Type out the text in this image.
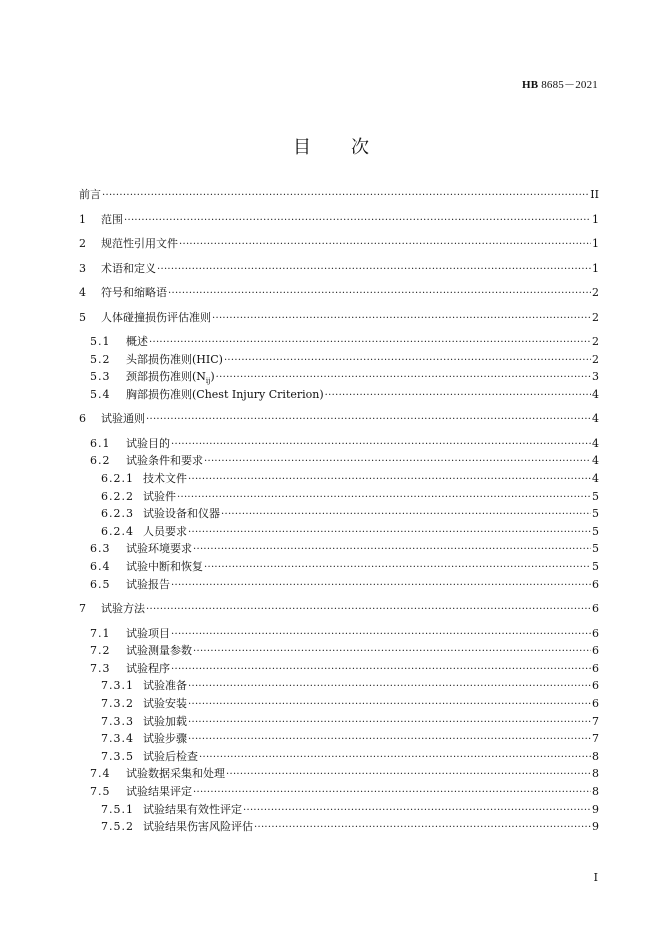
HB 8685－2021
目次
前言 ·····	II
1	范围 ·····	1
2	规范性引用文件 ·····	1
3	术语和定义 ·····	1
4	符号和缩略语 ·····	2
5	人体碰撞损伤评估准则 ·····	2
5.1	概述 ·····	2
5.2	头部损伤准则(HIC) ·····	2
5.3	颈部损伤准则$(N_{ij})$ ·····	3
5.4	胸部损伤准则(Chest Injury Criterion) ·····	4
6	试验通则 ·····	4
6.1	试验目的 ·····	4
6.2	试验条件和要求 ·····	4
6.2.1 技术文件 ·····	4
6.2.2 试验件 ·····	5
6.2.3 试验设备和仪器 ·····	5
6.2.4 人员要求 ·····	5
6.3	试验环境要求 ·····	5
6.4	试验中断和恢复 ·····	5
6.5	试验报告 ·····	6
7	试验方法 ·····	6
7.1	试验项目 ·····	6
7.2	试验测量参数 ·····	6
7.3	试验程序 ·····	6
7.3.1 试验准备 ·····	6
7.3.2 试验安装 ·····	6
7.3.3 试验加载 ·····	7
7.3.4 试验步骤 ·····	7
7.3.5 试验后检查 ·····	8
7.4	试验数据采集和处理 ·····	8
7.5	试验结果评定 ·····	8
7.5.1 试验结果有效性评定 ·····	9
7.5.2 试验结果伤害风险评估 ·····	9
I
